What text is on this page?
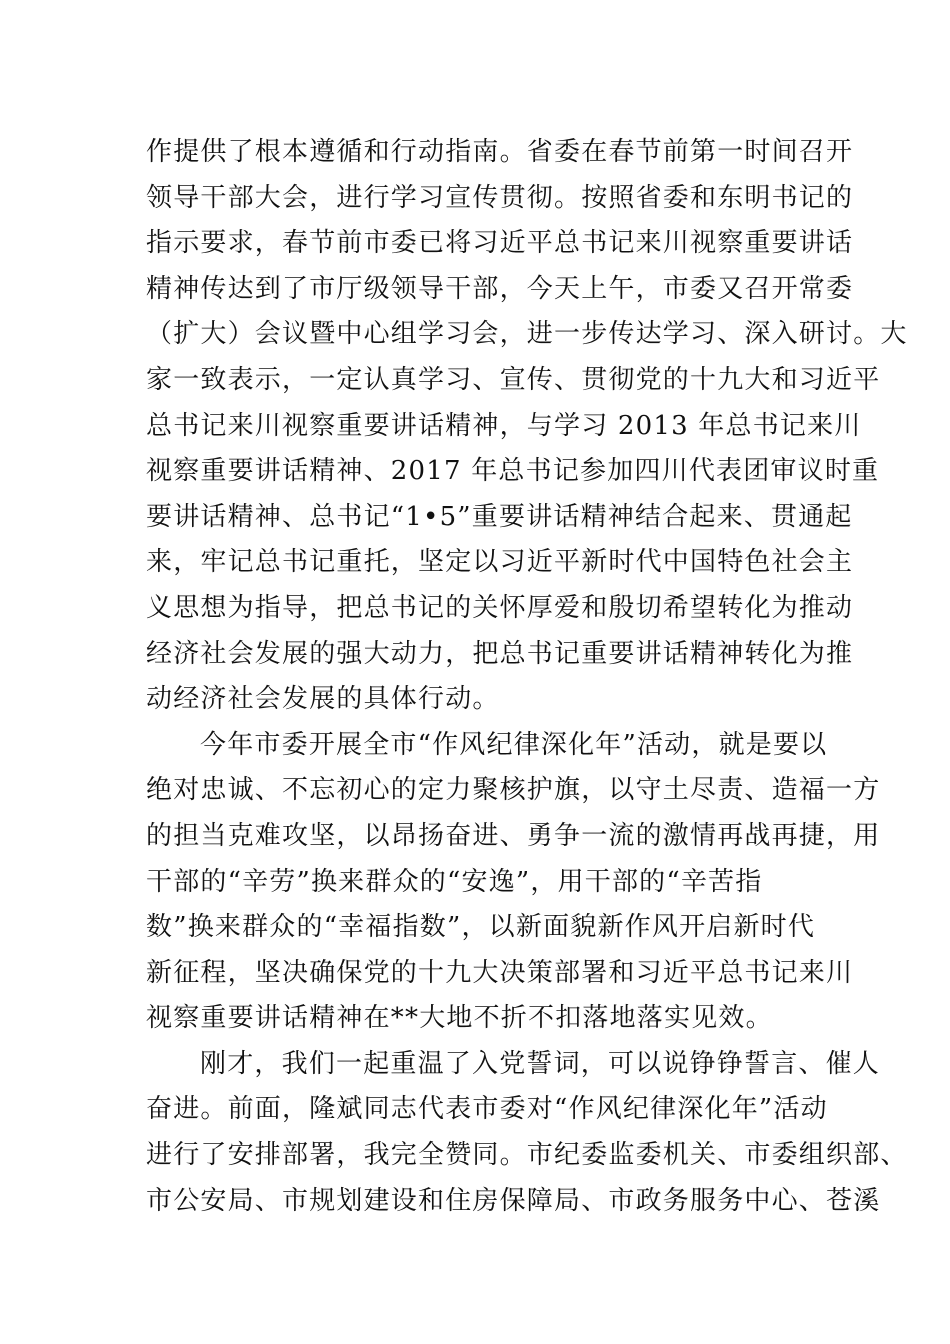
作提供了根本遵循和行动指南。省委在春节前第一时间召开
领导干部大会，进行学习宣传贯彻。按照省委和东明书记的
指示要求，春节前市委已将习近平总书记来川视察重要讲话
精神传达到了市厅级领导干部，今天上午，市委又召开常委
（扩大）会议暨中心组学习会，进一步传达学习、深入研讨。大
家一致表示，一定认真学习、宣传、贯彻党的十九大和习近平
总书记来川视察重要讲话精神，与学习 2013 年总书记来川
视察重要讲话精神、2017 年总书记参加四川代表团审议时重
要讲话精神、总书记“1•5”重要讲话精神结合起来、贯通起
来，牢记总书记重托，坚定以习近平新时代中国特色社会主
义思想为指导，把总书记的关怀厚爱和殷切希望转化为推动
经济社会发展的强大动力，把总书记重要讲话精神转化为推
动经济社会发展的具体行动。
今年市委开展全市“作风纪律深化年”活动，就是要以
绝对忠诚、不忘初心的定力聚核护旗，以守土尽责、造福一方
的担当克难攻坚，以昂扬奋进、勇争一流的激情再战再捷，用
干部的“辛劳”换来群众的“安逸”，用干部的“辛苦指
数”换来群众的“幸福指数”，以新面貌新作风开启新时代
新征程，坚决确保党的十九大决策部署和习近平总书记来川
视察重要讲话精神在**大地不折不扣落地落实见效。
刚才，我们一起重温了入党誓词，可以说铮铮誓言、催人
奋进。前面，隆斌同志代表市委对“作风纪律深化年”活动
进行了安排部署，我完全赞同。市纪委监委机关、市委组织部、
市公安局、市规划建设和住房保障局、市政务服务中心、苍溪
